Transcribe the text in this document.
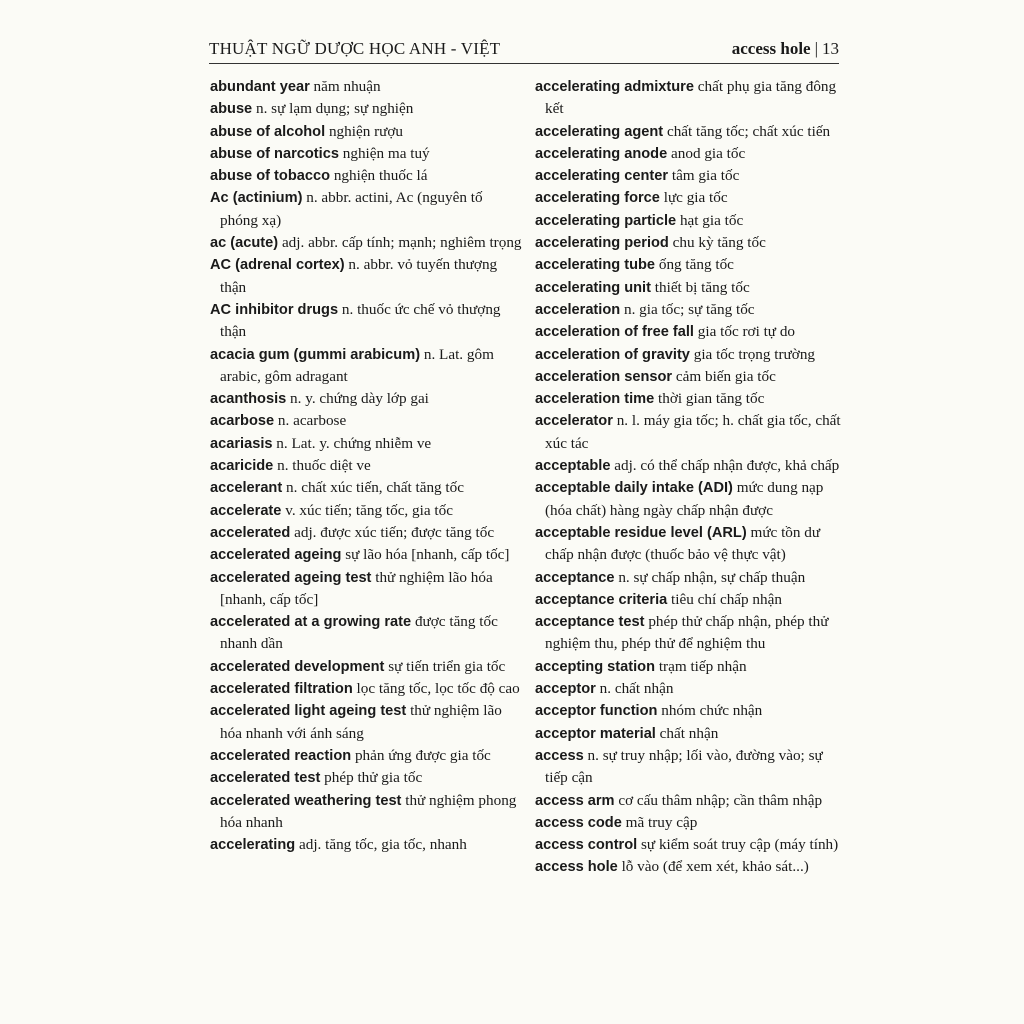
THUẬT NGỮ DƯỢC HỌC ANH - VIỆT	access hole | 13

abundant year năm nhuận

abuse n. sự lạm dụng; sự nghiện

abuse of alcohol nghiện rượu

abuse of narcotics nghiện ma tuý

abuse of tobacco nghiện thuốc lá

Ac (actinium) n. abbr. actini, Ac (nguyên tố phóng xạ)

ac (acute) adj. abbr. cấp tính; mạnh; nghiêm trọng

AC (adrenal cortex) n. abbr. vỏ tuyến thượng thận

AC inhibitor drugs n. thuốc ức chế vỏ thượng thận

acacia gum (gummi arabicum) n. Lat. gôm arabic, gôm adragant

acanthosis n. y. chứng dày lớp gai

acarbose n. acarbose

acariasis n. Lat. y. chứng nhiễm ve

acaricide n. thuốc diệt ve

accelerant n. chất xúc tiến, chất tăng tốc

accelerate v. xúc tiến; tăng tốc, gia tốc

accelerated adj. được xúc tiến; được tăng tốc

accelerated ageing sự lão hóa [nhanh, cấp tốc]

accelerated ageing test thử nghiệm lão hóa [nhanh, cấp tốc]

accelerated at a growing rate được tăng tốc nhanh dần

accelerated development sự tiến triển gia tốc

accelerated filtration lọc tăng tốc, lọc tốc độ cao

accelerated light ageing test thử nghiệm lão hóa nhanh với ánh sáng

accelerated reaction phản ứng được gia tốc

accelerated test phép thử gia tốc

accelerated weathering test thử nghiệm phong hóa nhanh

accelerating adj. tăng tốc, gia tốc, nhanh

accelerating admixture chất phụ gia tăng đông kết

accelerating agent chất tăng tốc; chất xúc tiến

accelerating anode anod gia tốc

accelerating center tâm gia tốc

accelerating force lực gia tốc

accelerating particle hạt gia tốc

accelerating period chu kỳ tăng tốc

accelerating tube ống tăng tốc

accelerating unit thiết bị tăng tốc

acceleration n. gia tốc; sự tăng tốc

acceleration of free fall gia tốc rơi tự do

acceleration of gravity gia tốc trọng trường

acceleration sensor cảm biến gia tốc

acceleration time thời gian tăng tốc

accelerator n. l. máy gia tốc; h. chất gia tốc, chất xúc tác

acceptable adj. có thể chấp nhận được, khả chấp

acceptable daily intake (ADI) mức dung nạp (hóa chất) hàng ngày chấp nhận được

acceptable residue level (ARL) mức tồn dư chấp nhận được (thuốc bảo vệ thực vật)

acceptance n. sự chấp nhận, sự chấp thuận

acceptance criteria tiêu chí chấp nhận

acceptance test phép thử chấp nhận, phép thử nghiệm thu, phép thử để nghiệm thu

accepting station trạm tiếp nhận

acceptor n. chất nhận

acceptor function nhóm chức nhận

acceptor material chất nhận

access n. sự truy nhập; lối vào, đường vào; sự tiếp cận

access arm cơ cấu thâm nhập; cần thâm nhập

access code mã truy cập

access control sự kiểm soát truy cập (máy tính)

access hole lỗ vào (để xem xét, khảo sát...)
